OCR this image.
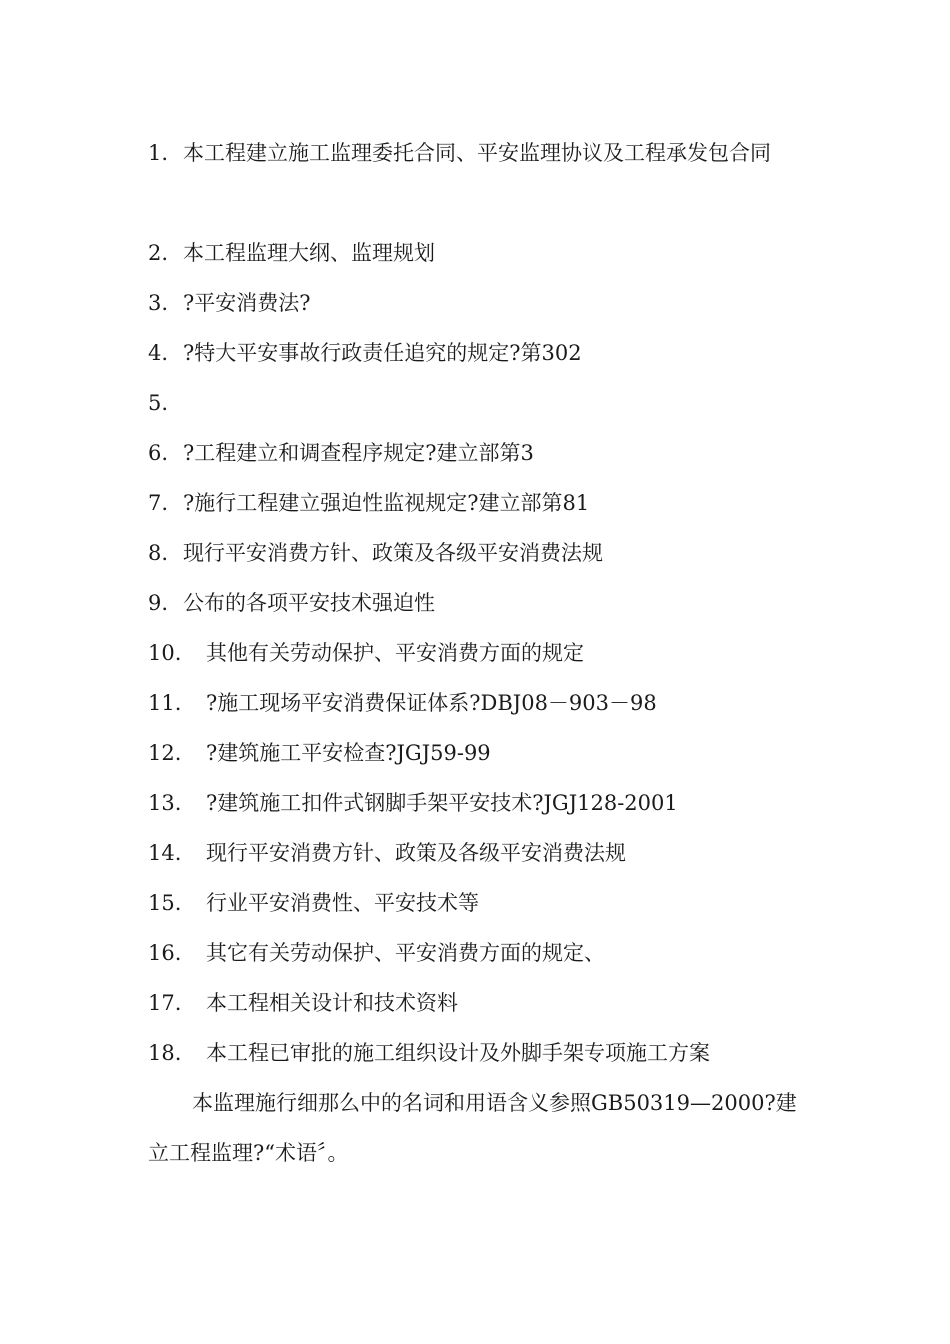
1. 本工程建立施工监理委托合同、平安监理协议及工程承发包合同
2. 本工程监理大纲、监理规划
3. ?平安消费法?
4. ?特大平安事故行政责任追究的规定?第302
5.
6. ?工程建立和调查程序规定?建立部第3
7. ?施行工程建立强迫性监视规定?建立部第81
8. 现行平安消费方针、政策及各级平安消费法规
9. 公布的各项平安技术强迫性
10. 其他有关劳动保护、平安消费方面的规定
11. ?施工现场平安消费保证体系?DBJ08－903－98
12. ?建筑施工平安检查?JGJ59-99
13. ?建筑施工扣件式钢脚手架平安技术?JGJ128-2001
14. 现行平安消费方针、政策及各级平安消费法规
15. 行业平安消费性、平安技术等
16. 其它有关劳动保护、平安消费方面的规定、
17. 本工程相关设计和技术资料
18. 本工程已审批的施工组织设计及外脚手架专项施工方案

本监理施行细那么中的名词和用语含义参照GB50319—2000?建立工程监理?“术语〞。
